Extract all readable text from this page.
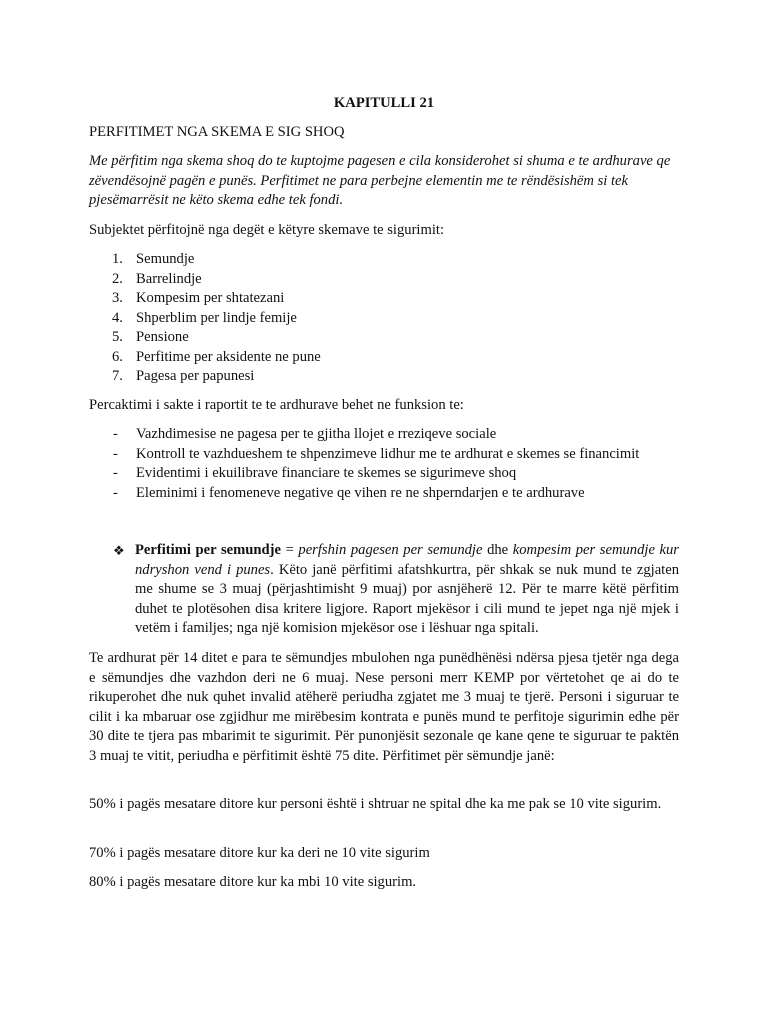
KAPITULLI 21
PERFITIMET NGA SKEMA E SIG SHOQ
Me përfitim nga skema shoq do te kuptojme pagesen e cila konsiderohet si shuma e te ardhurave qe zëvendësojnë pagën e punës. Perfitimet ne para perbejne elementin me te rëndësishëm si tek pjesëmarrësit ne këto skema edhe tek fondi.
Subjektet përfitojnë nga degët e këtyre skemave te sigurimit:
1. Semundje
2. Barrelindje
3. Kompesim per shtatezani
4. Shperblim per lindje femije
5. Pensione
6. Perfitime per aksidente ne pune
7. Pagesa per papunesi
Percaktimi i sakte i raportit te te ardhurave behet ne funksion te:
- Vazhdimesise ne pagesa per te gjitha llojet e rreziqeve sociale
- Kontroll te vazhdueshem te shpenzimeve lidhur me te ardhurat e skemes se financimit
- Evidentimi i ekuilibrave financiare te skemes se sigurimeve shoq
- Eleminimi i fenomeneve negative qe vihen re ne shperndarjen e te ardhurave
❖ Perfitimi per semundje = perfshin pagesen per semundje dhe kompesim per semundje kur ndryshon vend i punes. Këto janë përfitimi afatshkurtra, për shkak se nuk mund te zgjaten me shume se 3 muaj (përjashtimisht 9 muaj) por asnjëherë 12. Për te marre këtë përfitim duhet te plotësohen disa kritere ligjore. Raport mjekësor i cili mund te jepet nga një mjek i vetëm i familjes; nga një komision mjekësor ose i lëshuar nga spitali.
Te ardhurat për 14 ditet e para te sëmundjes mbulohen nga punëdhënësi ndërsa pjesa tjetër nga dega e sëmundjes dhe vazhdon deri ne 6 muaj. Nese personi merr KEMP por vërtetohet qe ai do te rikuperohet dhe nuk quhet invalid atëherë periudha zgjatet me 3 muaj te tjerë. Personi i siguruar te cilit i ka mbaruar ose zgjidhur me mirëbesim kontrata e punës mund te perfitoje sigurimin edhe për 30 dite te tjera pas mbarimit te sigurimit. Për punonjësit sezonale qe kane qene te siguruar te paktën 3 muaj te vitit, periudha e përfitimit është 75 dite. Përfitimet për sëmundje janë:
50% i pagës mesatare ditore kur personi është i shtruar ne spital dhe ka me pak se 10 vite sigurim.
70% i pagës mesatare ditore kur ka deri ne 10 vite sigurim
80% i pagës mesatare ditore kur ka mbi 10 vite sigurim.
